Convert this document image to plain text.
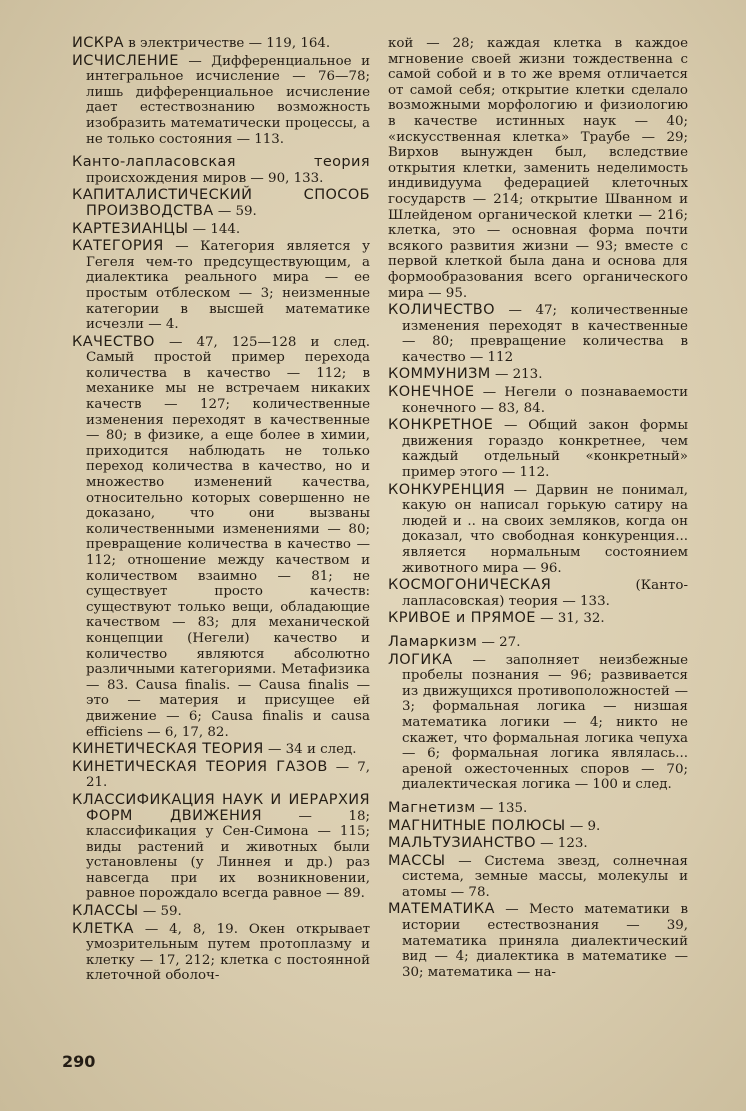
ИСКРА в электричестве — 119, 164.

ИСЧИСЛЕНИЕ — Дифференциальное и интегральное исчисление — 76—78; лишь дифференциальное исчисление дает естествознанию возможность изобразить математически процессы, а не только состояния — 113.

Канто-лапласовская теория происхождения миров — 90, 133.

КАПИТАЛИСТИЧЕСКИЙ СПОСОБ ПРОИЗВОДСТВА — 59.

КАРТЕЗИАНЦЫ — 144.

КАТЕГОРИЯ — Категория является у Гегеля чем-то предсуществующим, а диалектика реального мира — ее простым отблеском — 3; неизменные категории в высшей математике исчезли — 4.

КАЧЕСТВО — 47, 125—128 и след. Самый простой пример перехода количества в качество — 112; в механике мы не встречаем никаких качеств — 127; количественные изменения переходят в качественные — 80; в физике, а еще более в химии, приходится наблюдать не только переход количества в качество, но и множество изменений качества, относительно которых совершенно не доказано, что они вызваны количественными изменениями — 80; превращение количества в качество — 112; отношение между качеством и количеством взаимно — 81; не существует просто качеств: существуют только вещи, обладающие качеством — 83; для механической концепции (Негели) качество и количество являются абсолютно различными категориями. Метафизика — 83. Causa finalis. — Causa finalis — это — материя и присущее ей движение — 6; Causa finalis и causa efficiens — 6, 17, 82.

КИНЕТИЧЕСКАЯ ТЕОРИЯ — 34 и след.

КИНЕТИЧЕСКАЯ ТЕОРИЯ ГАЗОВ — 7, 21.

КЛАССИФИКАЦИЯ НАУК И ИЕРАРХИЯ ФОРМ ДВИЖЕНИЯ	— 18; классификация у Сен-Симона — 115; виды растений и животных были установлены (у Линнея и др.) раз навсегда при их возникновении, равное порождало всегда равное — 89.

КЛАССЫ — 59.

КЛЕТКА — 4, 8, 19. Окен открывает умозрительным путем протоплазму и клетку — 17, 212; клетка с постоянной клеточной оболоч-

кой — 28; каждая клетка в каждое мгновение своей жизни тождественна с самой собой и в то же время отличается от самой себя; открытие клетки сделало возможными морфологию и физиологию в качестве истинных наук — 40; «искусственная клетка» Траубе — 29; Вирхов вынужден был, вследствие открытия клетки, заменить неделимость индивидуума федерацией клеточных государств — 214; открытие Шванном и Шлейденом органической клетки — 216; клетка, это — основная форма почти всякого развития жизни — 93; вместе с первой клеткой была дана и основа для формообразования всего органического мира — 95.

КОЛИЧЕСТВО — 47; количественные изменения переходят в качественные — 80; превращение количества в качество — 112

КОММУНИЗМ — 213.

КОНЕЧНОЕ — Негели о познаваемости конечного — 83, 84.

КОНКРЕТНОЕ — Общий закон формы движения гораздо конкретнее, чем каждый отдельный «конкретный» пример этого — 112.

КОНКУРЕНЦИЯ — Дарвин не понимал, какую он написал горькую сатиру на людей и .. на своих земляков, когда он доказал, что свободная конкуренция... является нормальным состоянием животного мира — 96.

КОСМОГОНИЧЕСКАЯ	(Канто-лапласовская) теория — 133.

КРИВОЕ и ПРЯМОЕ — 31, 32.

Ламаркизм — 27.

ЛОГИКА — заполняет неизбежные пробелы познания — 96; развивается из движущихся противоположностей — 3; формальная логика — низшая математика логики — 4; никто не скажет, что формальная логика чепуха — 6; формальная логика являлась... ареной ожесточенных споров — 70; диалектическая логика — 100 и след.

Магнетизм — 135.

МАГНИТНЫЕ ПОЛЮСЫ — 9.

МАЛЬТУЗИАНСТВО — 123.

МАССЫ — Система звезд, солнечная система, земные массы, молекулы и атомы — 78.

МАТЕМАТИКА — Место математики в истории естествознания — 39, математика приняла диалектический вид — 4; диалектика в математике — 30; математика — на-

290
